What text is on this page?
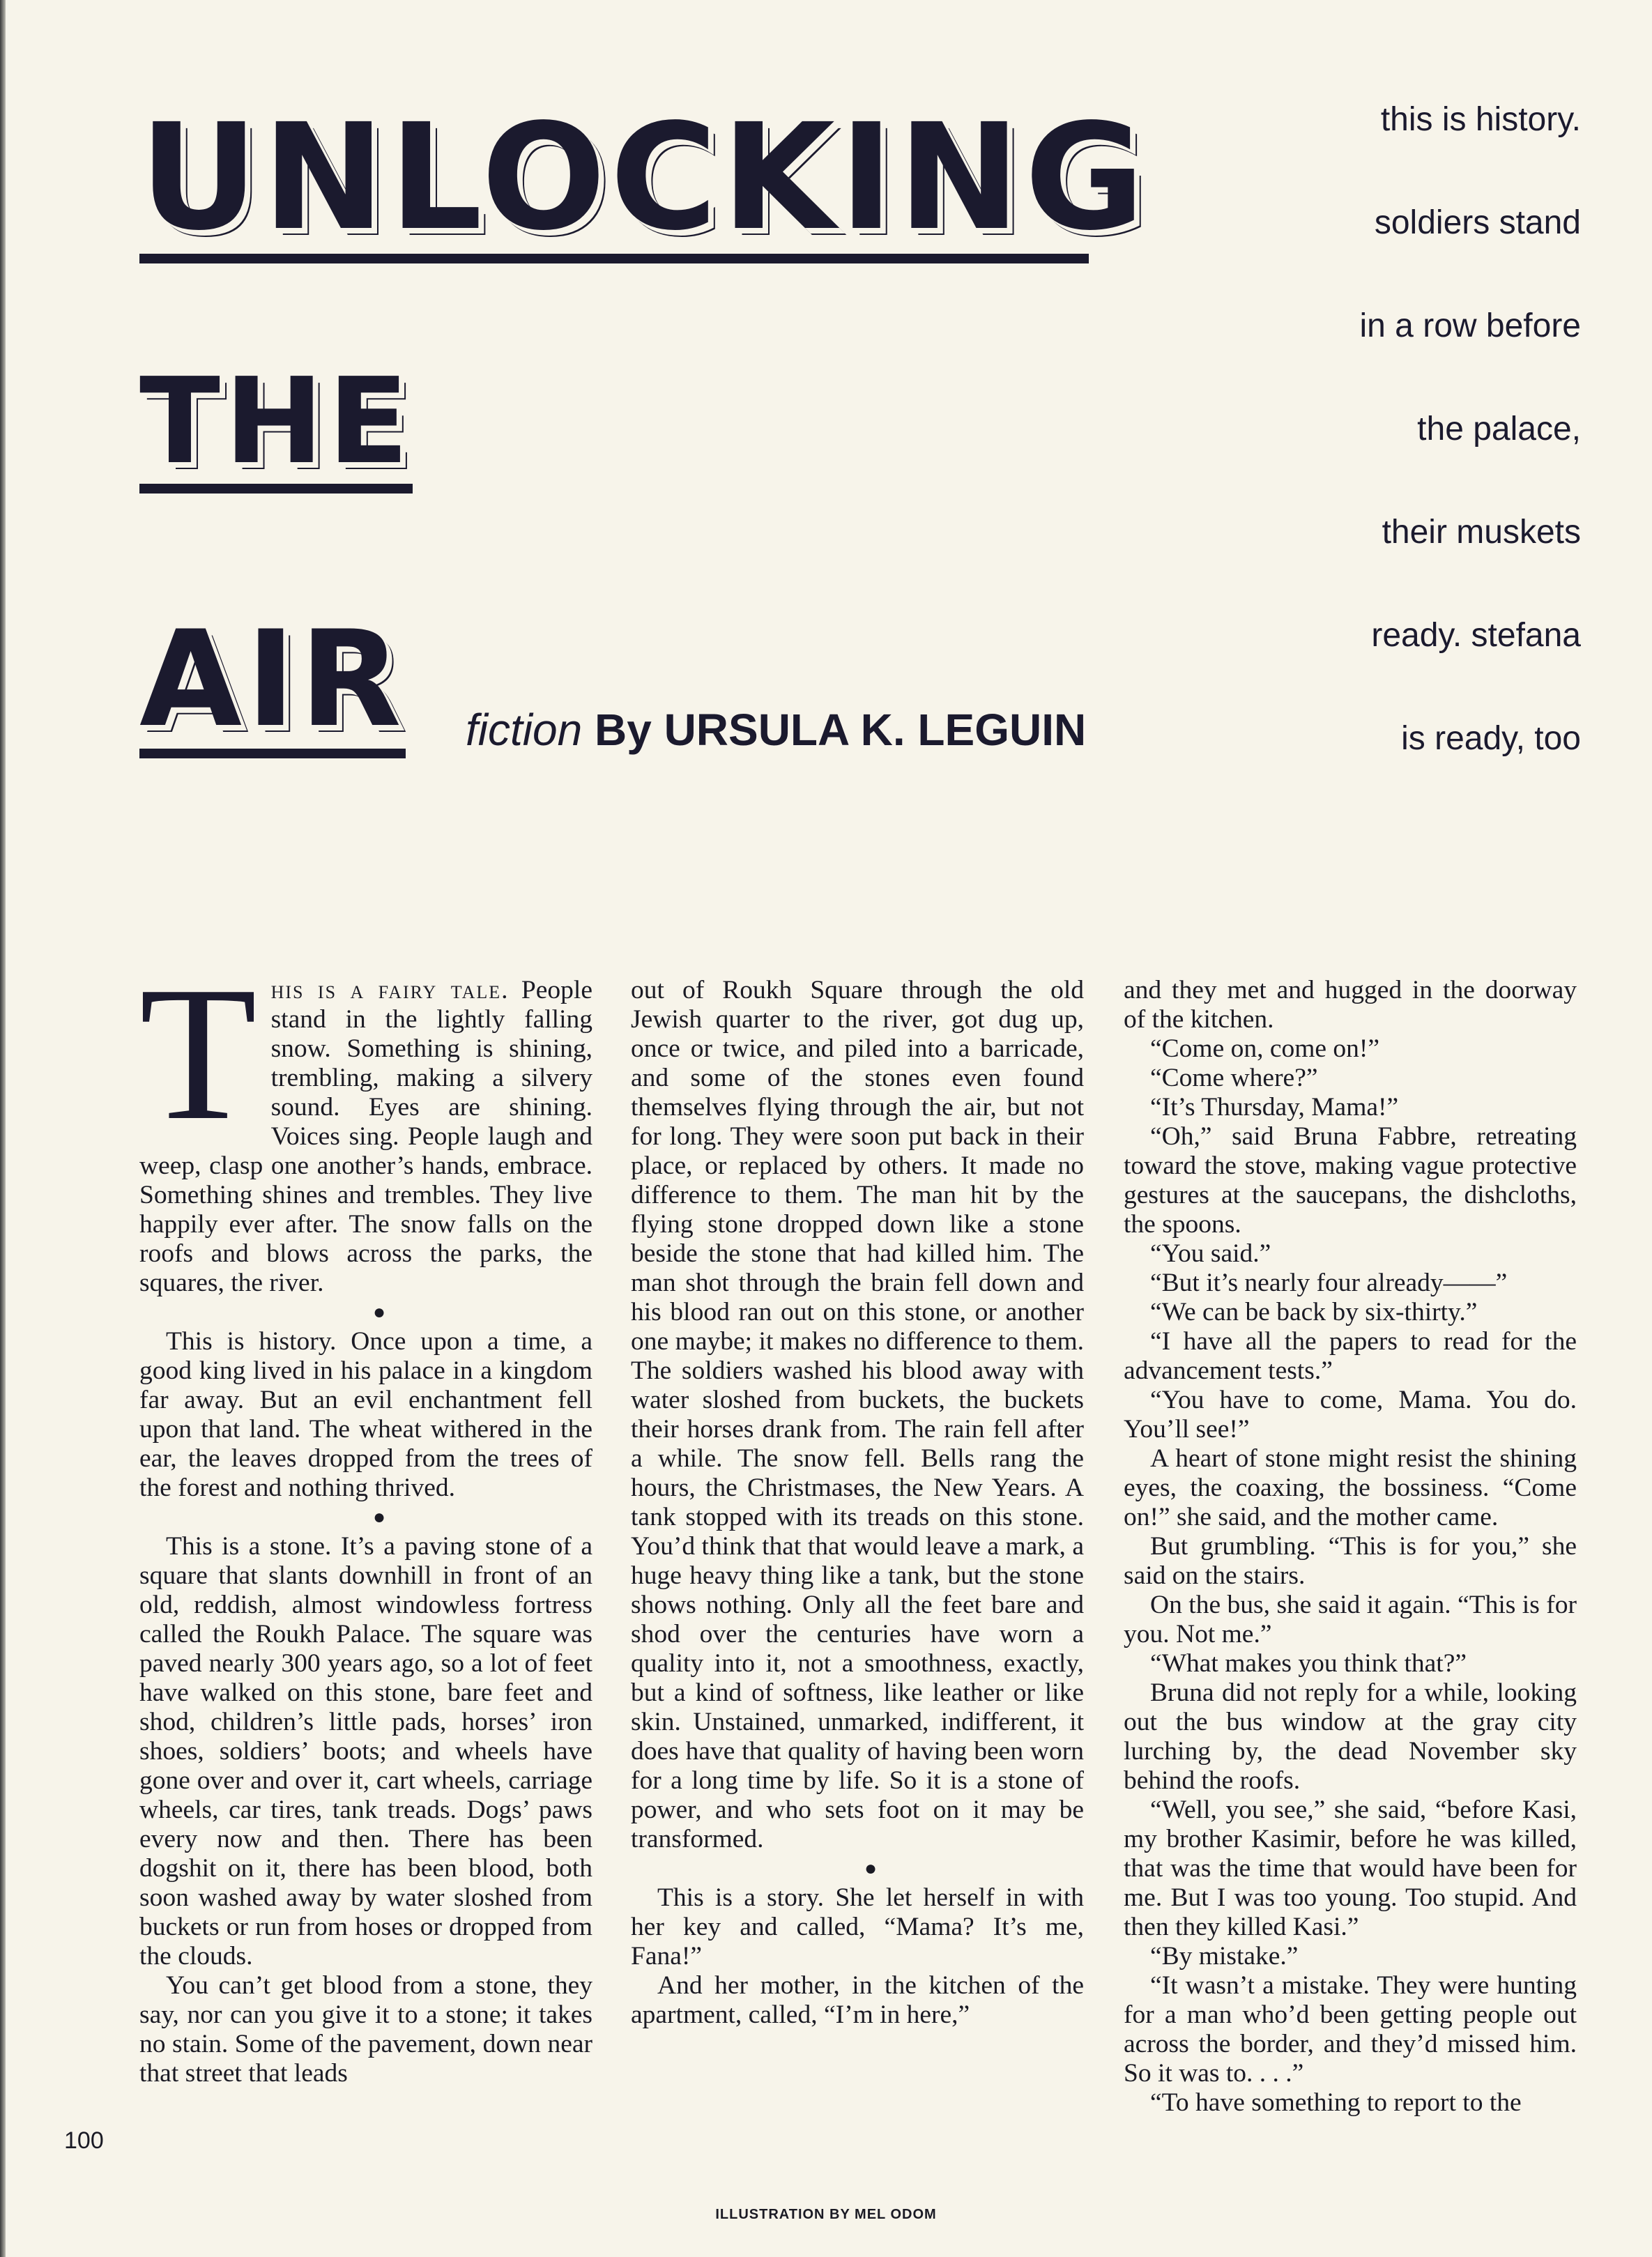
UNLOCKING
THE
AIR fiction By URSULA K. LEGUIN
this is history.
soldiers stand
in a row before
the palace,
their muskets
ready. stefana
is ready, too

This is a fairy tale. People stand in the lightly falling snow. Something is shining, trembling, making a silvery sound. Eyes are shining. Voices sing. People laugh and weep, clasp one another’s hands, embrace. Something shines and trembles. They live happily ever after. The snow falls on the roofs and blows across the parks, the squares, the river.

●

This is history. Once upon a time, a good king lived in his palace in a kingdom far away. But an evil enchantment fell upon that land. The wheat withered in the ear, the leaves dropped from the trees of the forest and nothing thrived.

●

This is a stone. It’s a paving stone of a square that slants downhill in front of an old, reddish, almost windowless fortress called the Roukh Palace. The square was paved nearly 300 years ago, so a lot of feet have walked on this stone, bare feet and shod, children’s little pads, horses’ iron shoes, soldiers’ boots; and wheels have gone over and over it, cart wheels, carriage wheels, car tires, tank treads. Dogs’ paws every now and then. There has been dogshit on it, there has been blood, both soon washed away by water sloshed from buckets or run from hoses or dropped from the clouds.

You can’t get blood from a stone, they say, nor can you give it to a stone; it takes no stain. Some of the pavement, down near that street that leads

out of Roukh Square through the old Jewish quarter to the river, got dug up, once or twice, and piled into a barricade, and some of the stones even found themselves flying through the air, but not for long. They were soon put back in their place, or replaced by others. It made no difference to them. The man hit by the flying stone dropped down like a stone beside the stone that had killed him. The man shot through the brain fell down and his blood ran out on this stone, or another one maybe; it makes no difference to them. The soldiers washed his blood away with water sloshed from buckets, the buckets their horses drank from. The rain fell after a while. The snow fell. Bells rang the hours, the Christmases, the New Years. A tank stopped with its treads on this stone. You’d think that that would leave a mark, a huge heavy thing like a tank, but the stone shows nothing. Only all the feet bare and shod over the centuries have worn a quality into it, not a smoothness, exactly, but a kind of softness, like leather or like skin. Unstained, unmarked, indifferent, it does have that quality of having been worn for a long time by life. So it is a stone of power, and who sets foot on it may be transformed.

●

This is a story. She let herself in with her key and called, “Mama? It’s me, Fana!”

And her mother, in the kitchen of the apartment, called, “I’m in here,”

and they met and hugged in the doorway of the kitchen.

“Come on, come on!”

“Come where?”

“It’s Thursday, Mama!”

“Oh,” said Bruna Fabbre, retreating toward the stove, making vague protective gestures at the saucepans, the dishcloths, the spoons.

“You said.”

“But it’s nearly four already——”

“We can be back by six-thirty.”

“I have all the papers to read for the advancement tests.”

“You have to come, Mama. You do. You’ll see!”

A heart of stone might resist the shining eyes, the coaxing, the bossiness. “Come on!” she said, and the mother came.

But grumbling. “This is for you,” she said on the stairs.

On the bus, she said it again. “This is for you. Not me.”

“What makes you think that?”

Bruna did not reply for a while, looking out the bus window at the gray city lurching by, the dead November sky behind the roofs.

“Well, you see,” she said, “before Kasi, my brother Kasimir, before he was killed, that was the time that would have been for me. But I was too young. Too stupid. And then they killed Kasi.”

“By mistake.”

“It wasn’t a mistake. They were hunting for a man who’d been getting people out across the border, and they’d missed him. So it was to. . . .”

“To have something to report to the

100
ILLUSTRATION BY MEL ODOM
